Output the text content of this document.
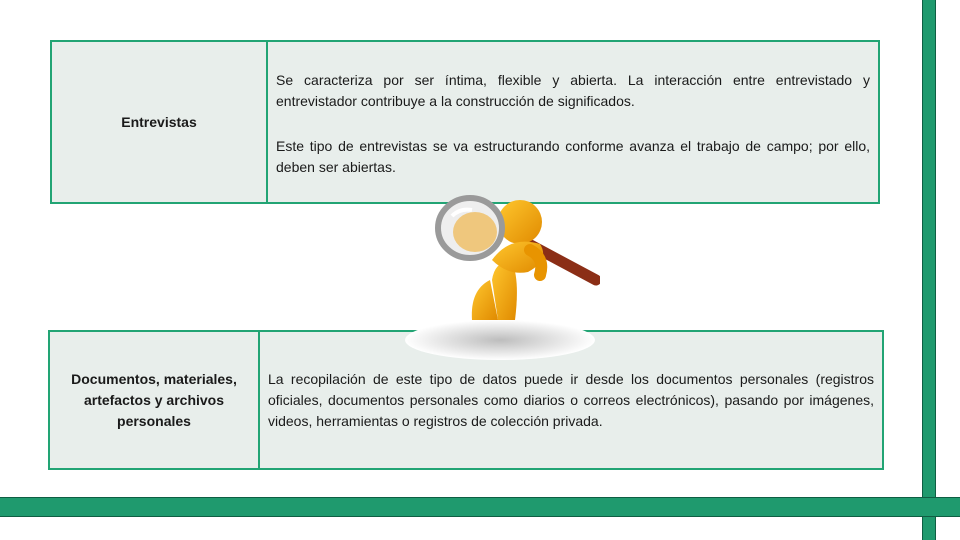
Entrevistas

Se caracteriza por ser íntima, flexible y abierta. La interacción entre entrevistado y entrevistador contribuye a la construcción de significados.

Este tipo de entrevistas se va estructurando conforme avanza el trabajo de campo; por ello, deben ser abiertas.

Documentos, materiales,
artefactos y archivos
personales

La recopilación de este tipo de datos puede ir desde los documentos personales (registros oficiales, documentos personales como diarios o correos electrónicos), pasando por imágenes, videos, herramientas o registros de colección privada.
